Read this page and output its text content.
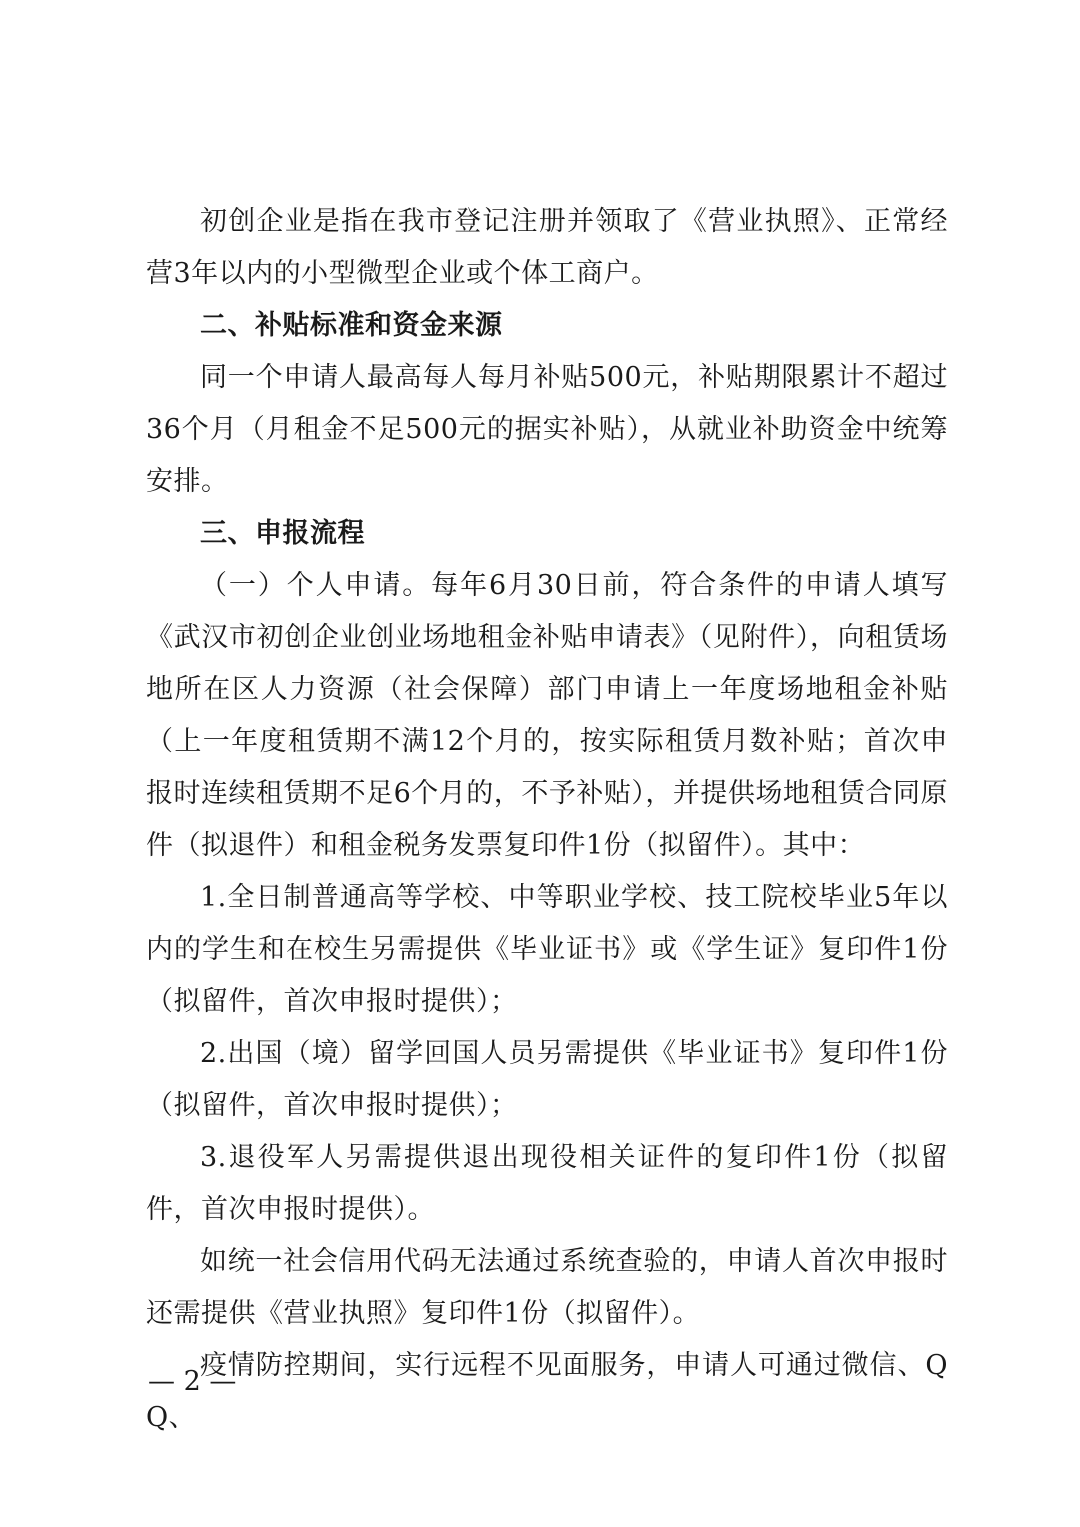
初创企业是指在我市登记注册并领取了《营业执照》、正常经营3年以内的小型微型企业或个体工商户。

二、补贴标准和资金来源

同一个申请人最高每人每月补贴500元，补贴期限累计不超过36个月（月租金不足500元的据实补贴），从就业补助资金中统筹安排。

三、申报流程

（一）个人申请。每年6月30日前，符合条件的申请人填写《武汉市初创企业创业场地租金补贴申请表》（见附件），向租赁场地所在区人力资源（社会保障）部门申请上一年度场地租金补贴（上一年度租赁期不满12个月的，按实际租赁月数补贴；首次申报时连续租赁期不足6个月的，不予补贴），并提供场地租赁合同原件（拟退件）和租金税务发票复印件1份（拟留件）。其中：

1.全日制普通高等学校、中等职业学校、技工院校毕业5年以内的学生和在校生另需提供《毕业证书》或《学生证》复印件1份（拟留件，首次申报时提供）；

2.出国（境）留学回国人员另需提供《毕业证书》复印件1份（拟留件，首次申报时提供）；

3.退役军人另需提供退出现役相关证件的复印件1份（拟留件，首次申报时提供）。

如统一社会信用代码无法通过系统查验的，申请人首次申报时还需提供《营业执照》复印件1份（拟留件）。

疫情防控期间，实行远程不见面服务，申请人可通过微信、QQ、

— 2 —
